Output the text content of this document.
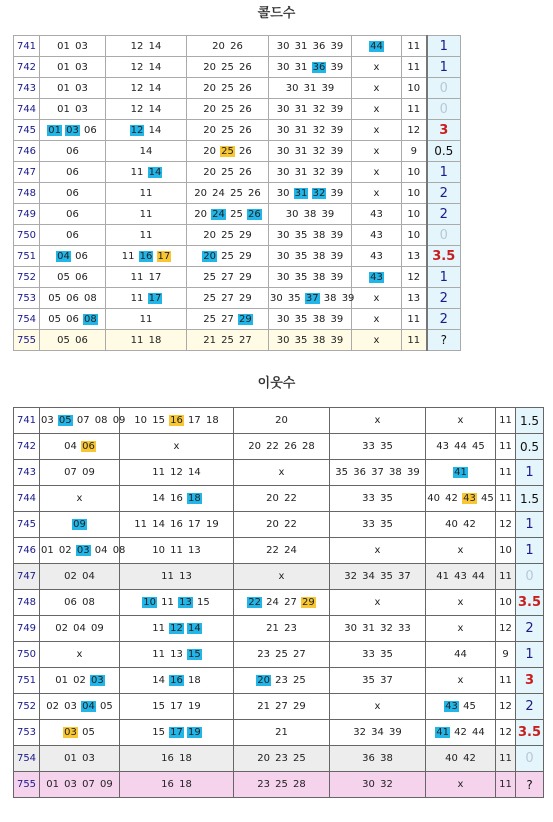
콜드수
741	01 03	12 14	20 26	30 31 36 39	44	11	1
742	01 03	12 14	20 25 26	30 31 36 39	x	11	1
743	01 03	12 14	20 25 26	30 31 39	x	10	0
744	01 03	12 14	20 25 26	30 31 32 39	x	11	0
745	01 03 06	12 14	20 25 26	30 31 32 39	x	12	3
746	06	14	20 25 26	30 31 32 39	x	9	0.5
747	06	11 14	20 25 26	30 31 32 39	x	10	1
748	06	11	20 24 25 26	30 31 32 39	x	10	2
749	06	11	20 24 25 26	30 38 39	43	10	2
750	06	11	20 25 29	30 35 38 39	43	10	0
751	04 06	11 16 17	20 25 29	30 35 38 39	43	13	3.5
752	05 06	11 17	25 27 29	30 35 38 39	43	12	1
753	05 06 08	11 17	25 27 29	30 35 37 38 39	x	13	2
754	05 06 08	11	25 27 29	30 35 38 39	x	11	2
755	05 06	11 18	21 25 27	30 35 38 39	x	11	?
이웃수
741	03 05 07 08 09	10 15 16 17 18	20	x	x	11	1.5
742	04 06	x	20 22 26 28	33 35	43 44 45	11	0.5
743	07 09	11 12 14	x	35 36 37 38 39	41	11	1
744	x	14 16 18	20 22	33 35	40 42 43 45	11	1.5
745	09	11 14 16 17 19	20 22	33 35	40 42	12	1
746	01 02 03 04 08	10 11 13	22 24	x	x	10	1
747	02 04	11 13	x	32 34 35 37	41 43 44	11	0
748	06 08	10 11 13 15	22 24 27 29	x	x	10	3.5
749	02 04 09	11 12 14	21 23	30 31 32 33	x	12	2
750	x	11 13 15	23 25 27	33 35	44	9	1
751	01 02 03	14 16 18	20 23 25	35 37	x	11	3
752	02 03 04 05	15 17 19	21 27 29	x	43 45	12	2
753	03 05	15 17 19	21	32 34 39	41 42 44	12	3.5
754	01 03	16 18	20 23 25	36 38	40 42	11	0
755	01 03 07 09	16 18	23 25 28	30 32	x	11	?
